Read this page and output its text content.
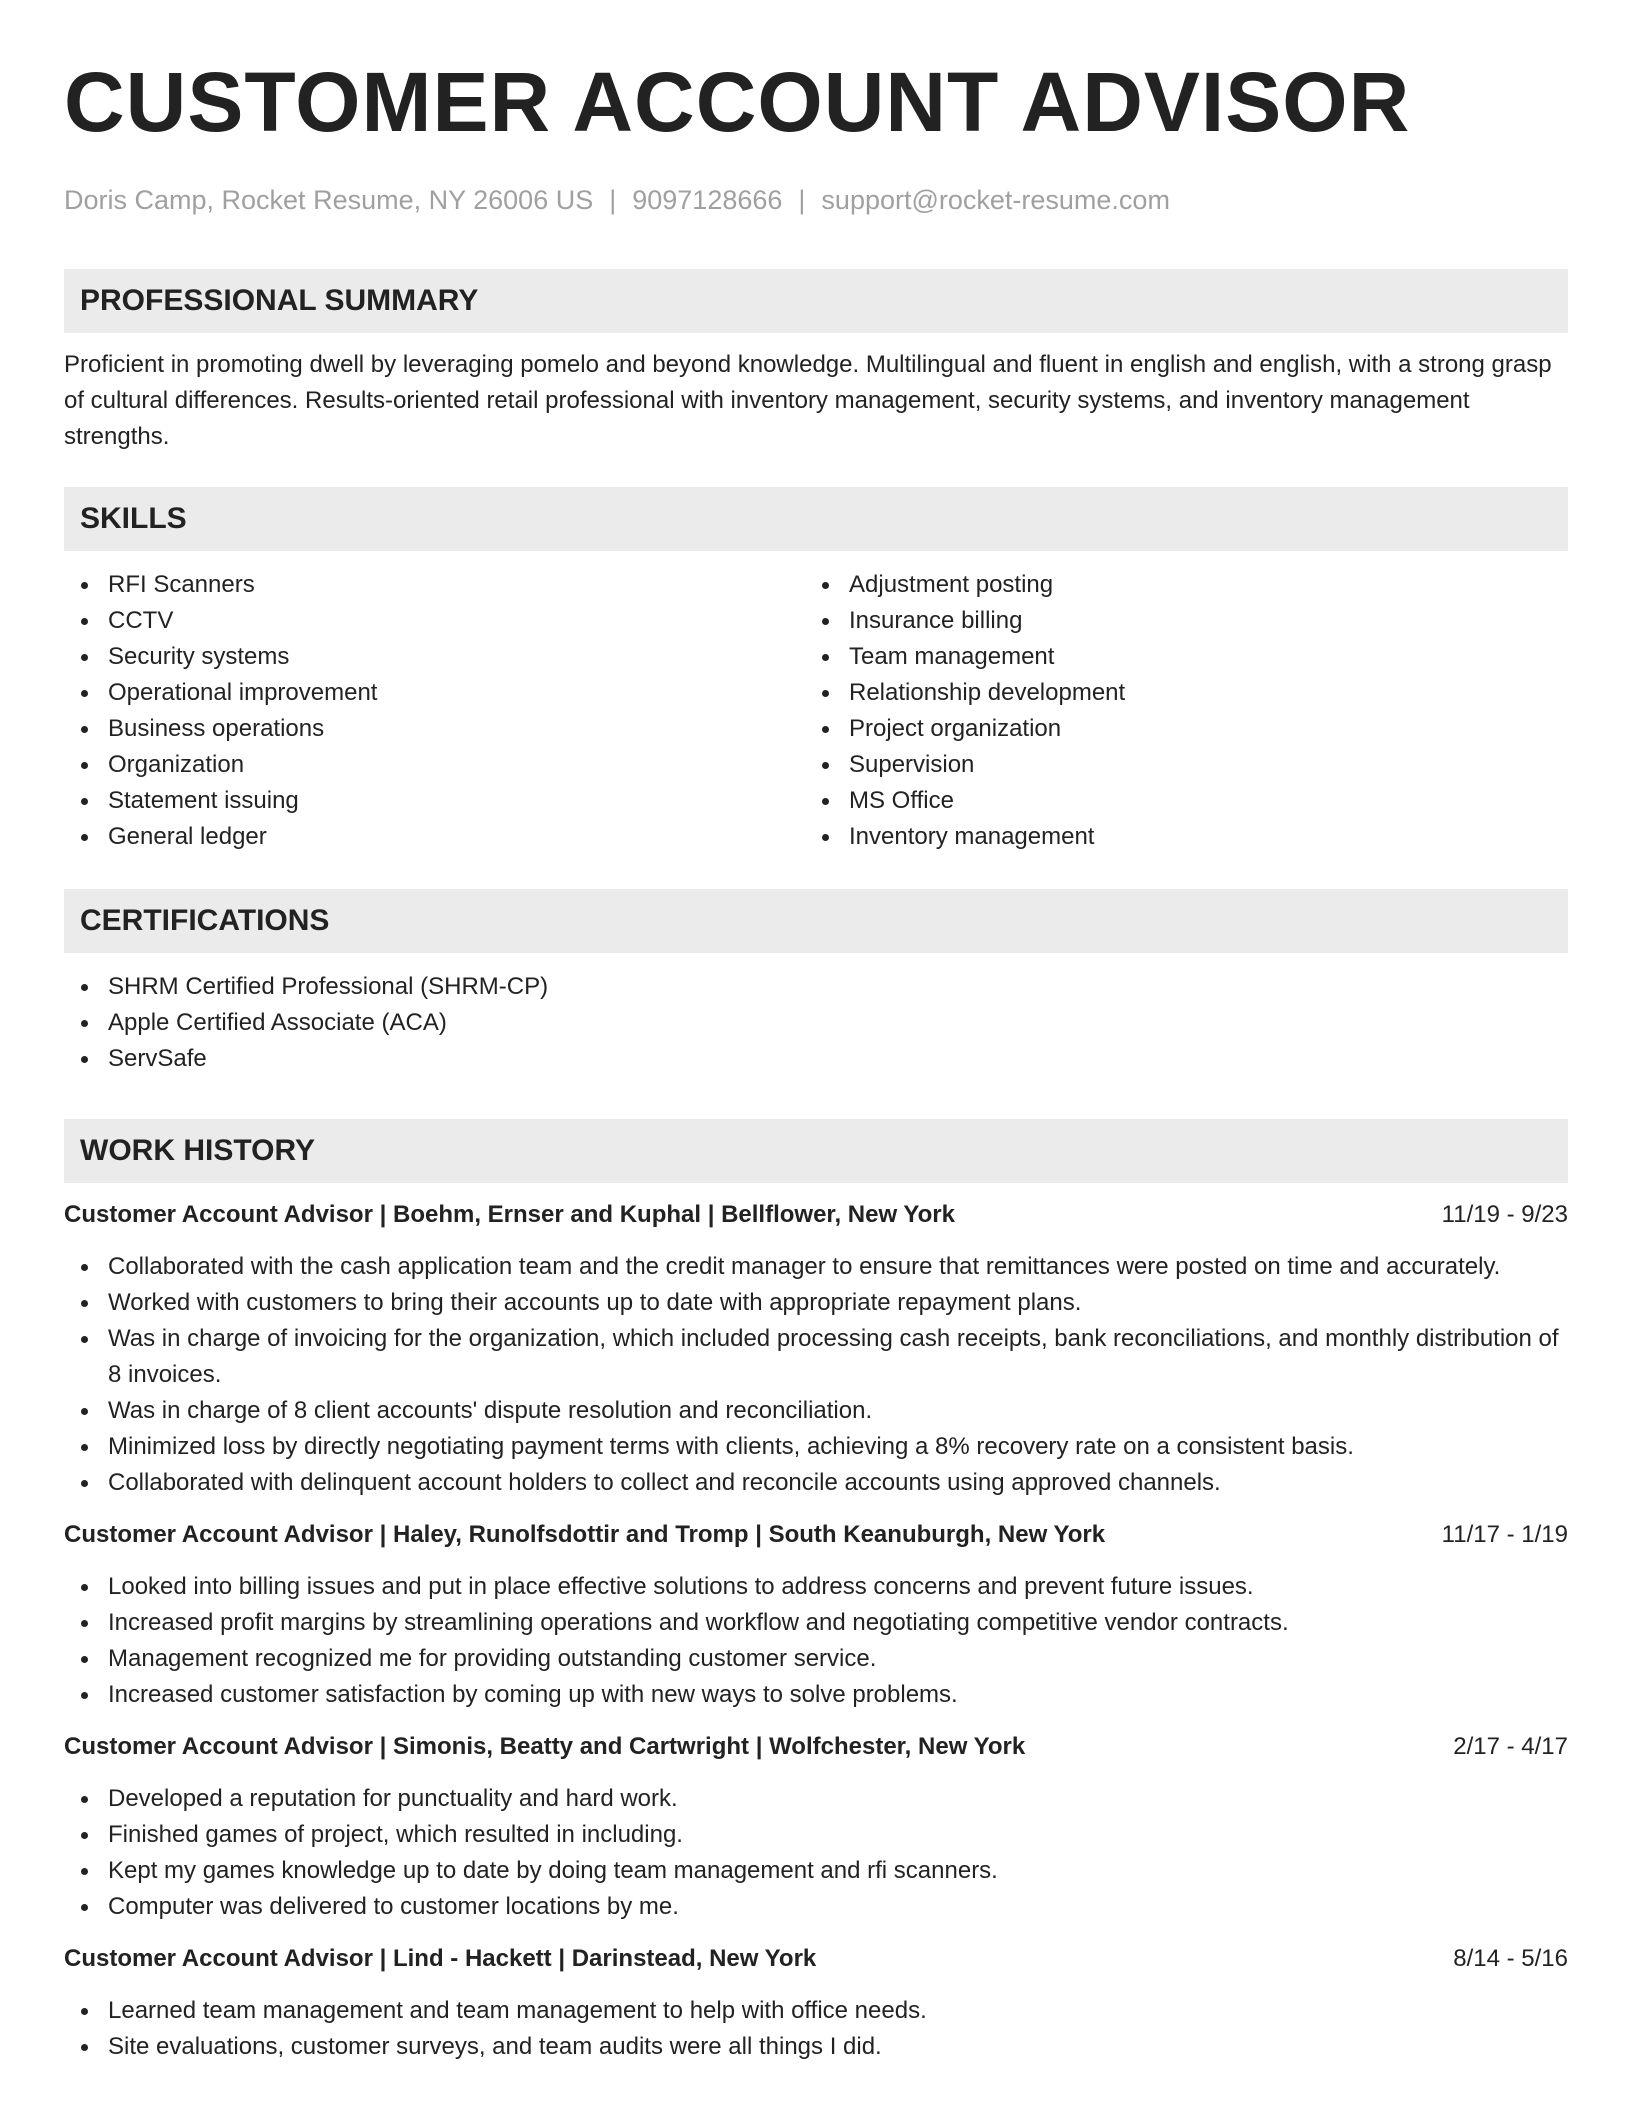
CUSTOMER ACCOUNT ADVISOR
Doris Camp, Rocket Resume, NY 26006 US | 9097128666 | support@rocket-resume.com
PROFESSIONAL SUMMARY

Proficient in promoting dwell by leveraging pomelo and beyond knowledge. Multilingual and fluent in english and english, with a strong grasp of cultural differences. Results-oriented retail professional with inventory management, security systems, and inventory management strengths.

SKILLS
RFI Scanners
CCTV
Security systems
Operational improvement
Business operations
Organization
Statement issuing
General ledger
Adjustment posting
Insurance billing
Team management
Relationship development
Project organization
Supervision
MS Office
Inventory management
CERTIFICATIONS
SHRM Certified Professional (SHRM-CP)
Apple Certified Associate (ACA)
ServSafe
WORK HISTORY
Customer Account Advisor | Boehm, Ernser and Kuphal | Bellflower, New York	11/19 - 9/23
Collaborated with the cash application team and the credit manager to ensure that remittances were posted on time and accurately.
Worked with customers to bring their accounts up to date with appropriate repayment plans.
Was in charge of invoicing for the organization, which included processing cash receipts, bank reconciliations, and monthly distribution of 8 invoices.
Was in charge of 8 client accounts' dispute resolution and reconciliation.
Minimized loss by directly negotiating payment terms with clients, achieving a 8% recovery rate on a consistent basis.
Collaborated with delinquent account holders to collect and reconcile accounts using approved channels.
Customer Account Advisor | Haley, Runolfsdottir and Tromp | South Keanuburgh, New York	11/17 - 1/19
Looked into billing issues and put in place effective solutions to address concerns and prevent future issues.
Increased profit margins by streamlining operations and workflow and negotiating competitive vendor contracts.
Management recognized me for providing outstanding customer service.
Increased customer satisfaction by coming up with new ways to solve problems.
Customer Account Advisor | Simonis, Beatty and Cartwright | Wolfchester, New York	2/17 - 4/17
Developed a reputation for punctuality and hard work.
Finished games of project, which resulted in including.
Kept my games knowledge up to date by doing team management and rfi scanners.
Computer was delivered to customer locations by me.
Customer Account Advisor | Lind - Hackett | Darinstead, New York	8/14 - 5/16
Learned team management and team management to help with office needs.
Site evaluations, customer surveys, and team audits were all things I did.
